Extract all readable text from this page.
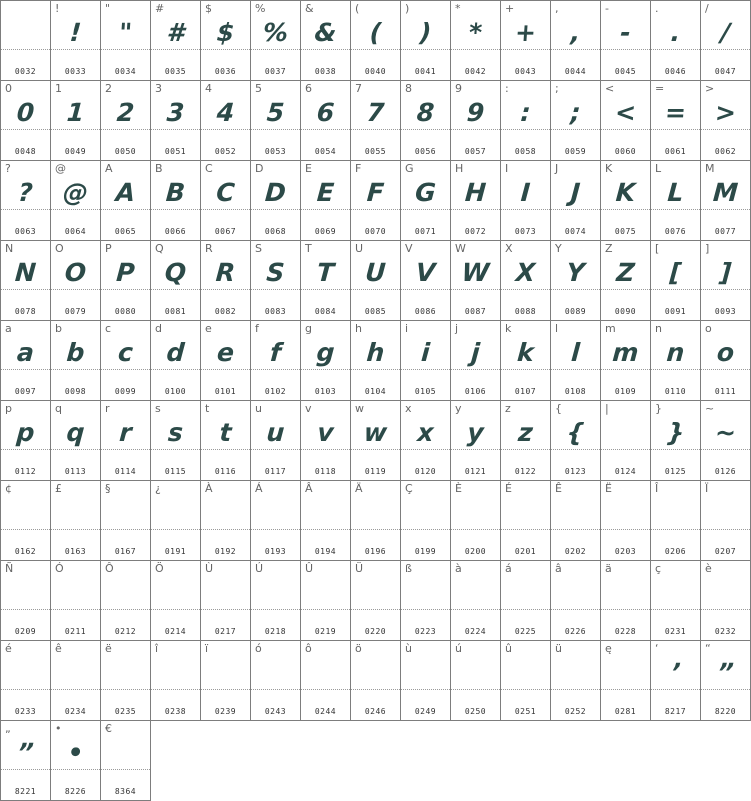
0032
!
!
0033
"
"
0034
#
#
0035
$
$
0036
%
%
0037
&
&
0038
(
(
0040
)
)
0041
*
*
0042
+
+
0043
,
,
0044
-
-
0045
.
.
0046
/
/
0047
0
0
0048
1
1
0049
2
2
0050
3
3
0051
4
4
0052
5
5
0053
6
6
0054
7
7
0055
8
8
0056
9
9
0057
:
:
0058
;
;
0059
<
<
0060
=
=
0061
>
>
0062
?
?
0063
@
@
0064
A
A
0065
B
B
0066
C
C
0067
D
D
0068
E
E
0069
F
F
0070
G
G
0071
H
H
0072
I
I
0073
J
J
0074
K
K
0075
L
L
0076
M
M
0077
N
N
0078
O
O
0079
P
P
0080
Q
Q
0081
R
R
0082
S
S
0083
T
T
0084
U
U
0085
V
V
0086
W
W
0087
X
X
0088
Y
Y
0089
Z
Z
0090
[
[
0091
]
]
0093
a
a
0097
b
b
0098
c
c
0099
d
d
0100
e
e
0101
f
f
0102
g
g
0103
h
h
0104
i
i
0105
j
j
0106
k
k
0107
l
l
0108
m
m
0109
n
n
0110
o
o
0111
p
p
0112
q
q
0113
r
r
0114
s
s
0115
t
t
0116
u
u
0117
v
v
0118
w
w
0119
x
x
0120
y
y
0121
z
z
0122
{
{
0123
|
0124
}
}
0125
~
~
0126
¢
0162
£
0163
§
0167
¿
0191
À
0192
Á
0193
Â
0194
Ä
0196
Ç
0199
È
0200
É
0201
Ê
0202
Ë
0203
Î
0206
Ï
0207
Ñ
0209
Ó
0211
Ô
0212
Ö
0214
Ù
0217
Ú
0218
Û
0219
Ü
0220
ß
0223
à
0224
á
0225
â
0226
ä
0228
ç
0231
è
0232
é
0233
ê
0234
ë
0235
î
0238
ï
0239
ó
0243
ô
0244
ö
0246
ù
0249
ú
0250
û
0251
ü
0252
ę
0281
‘
’
8217
“
”
8220
„
”
8221
•
•
8226
€
8364
